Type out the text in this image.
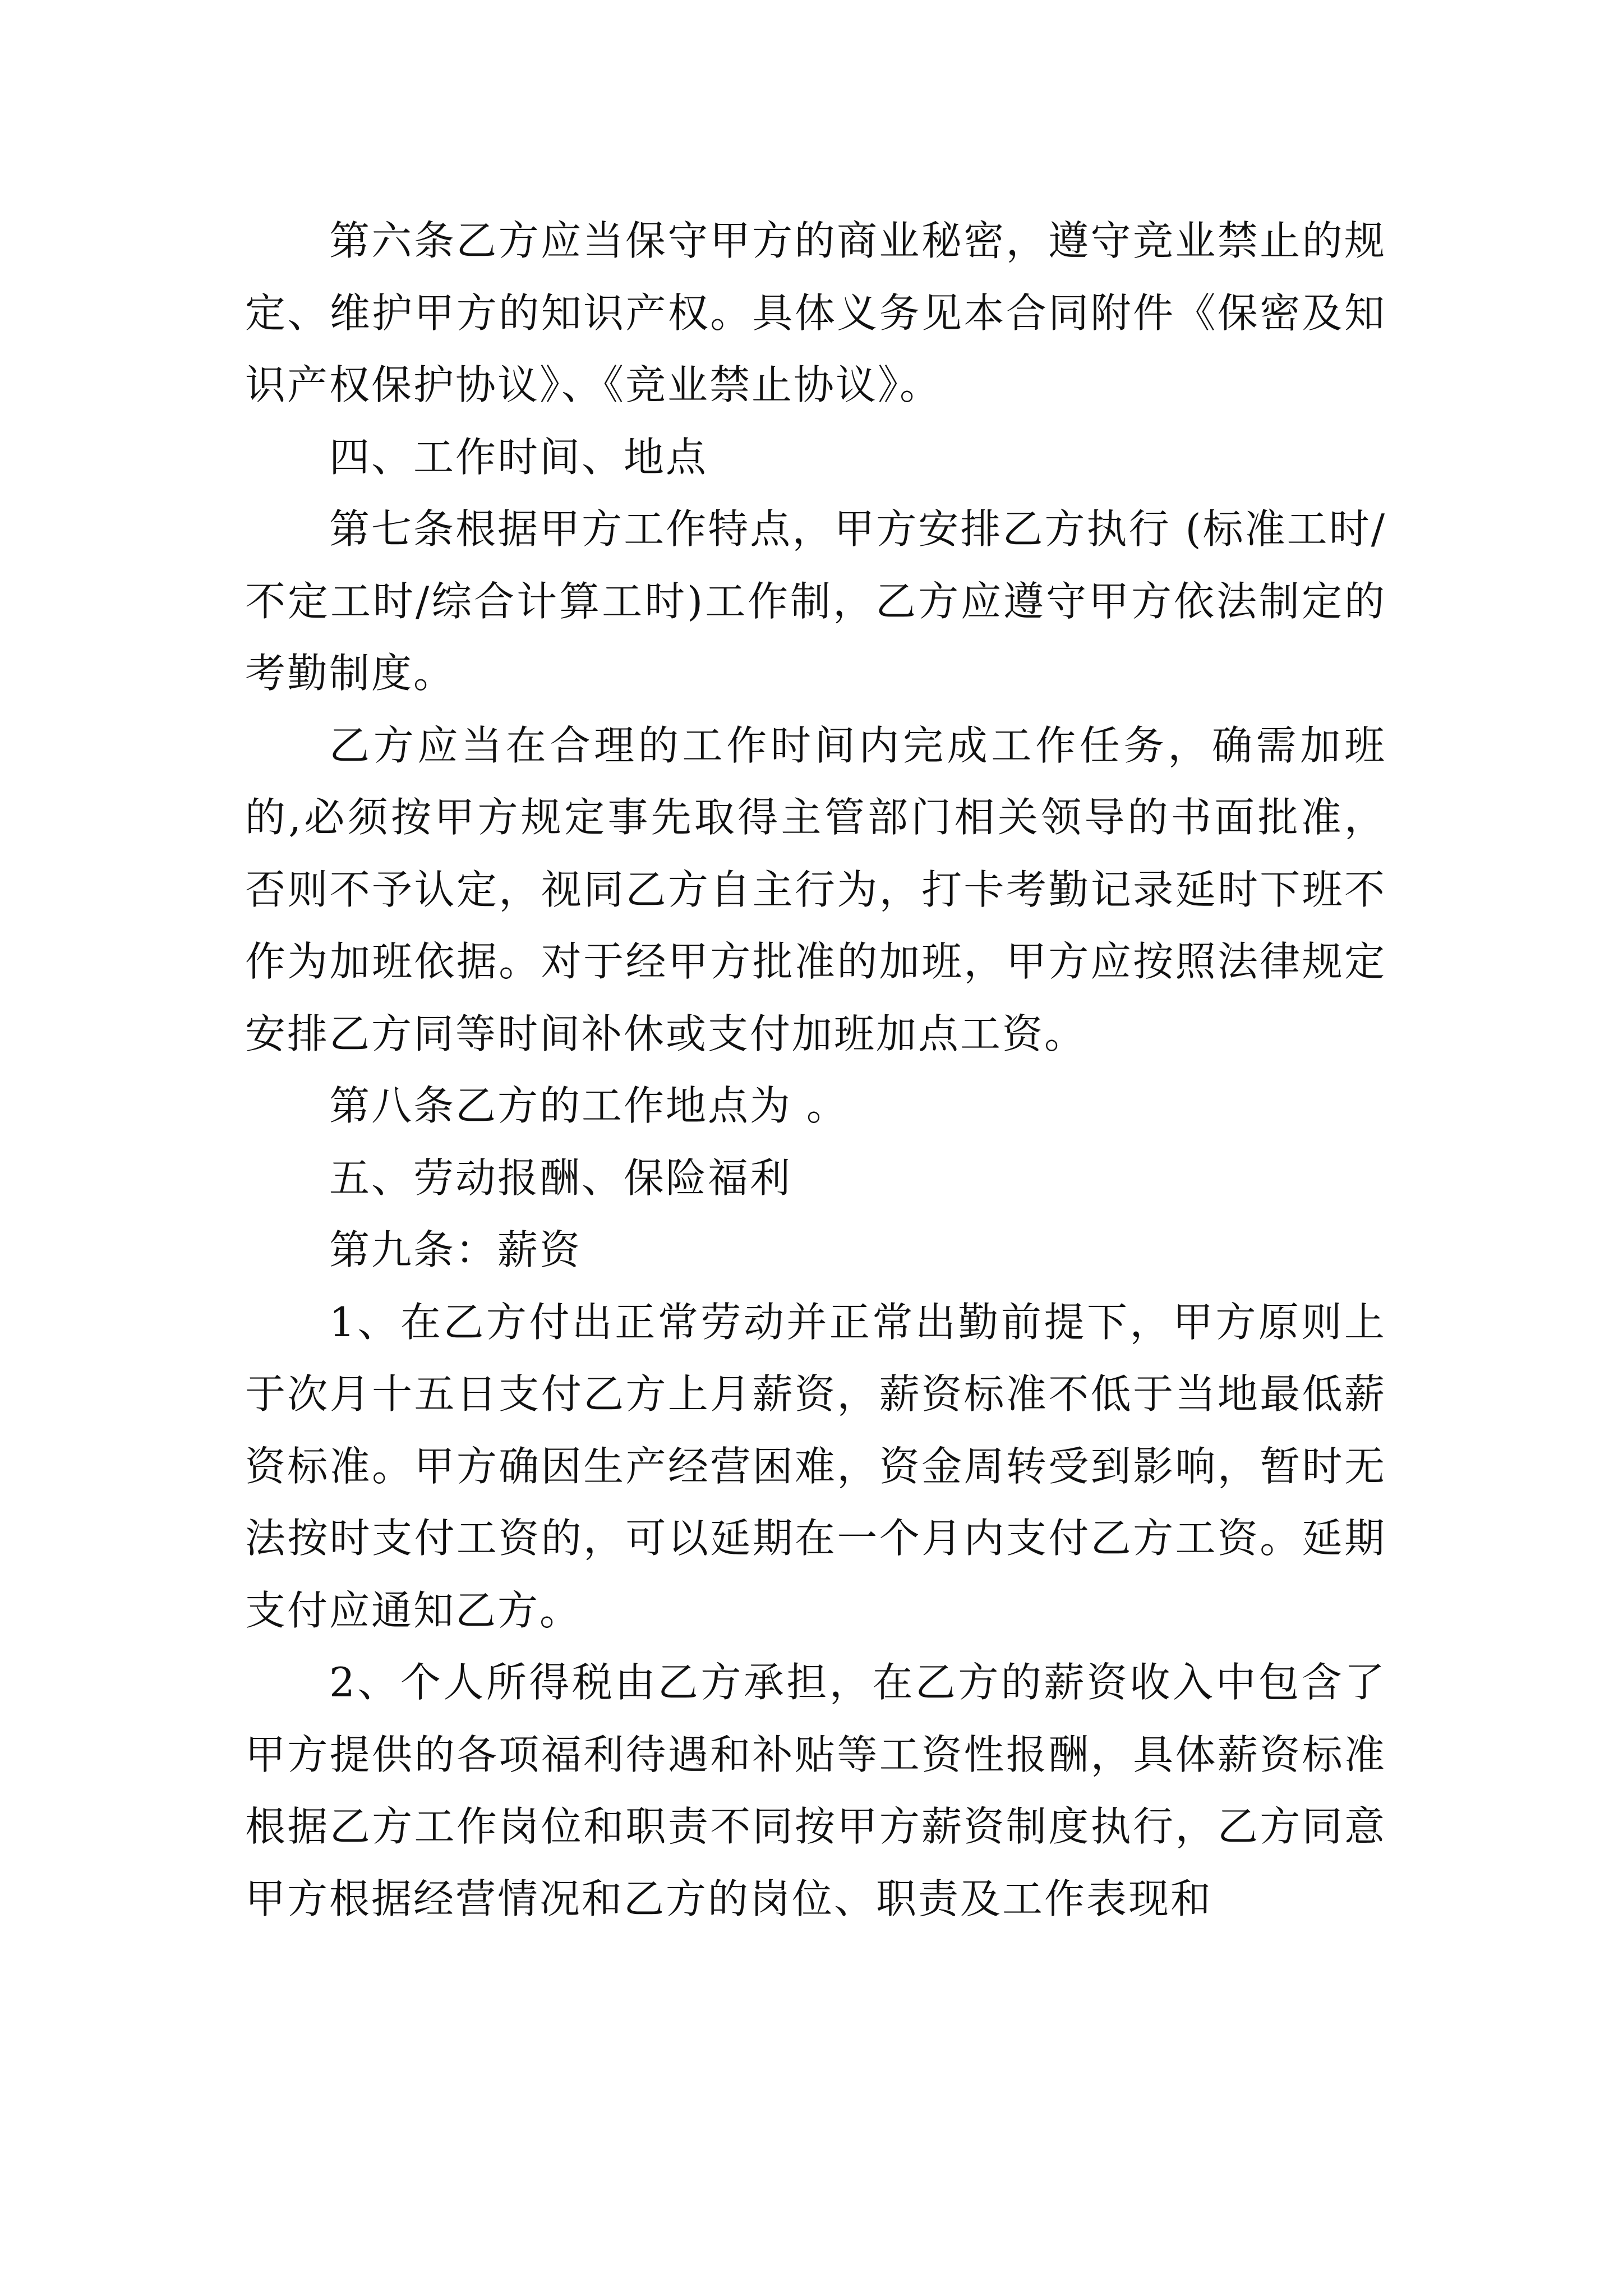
第六条乙方应当保守甲方的商业秘密，遵守竞业禁止的规定、维护甲方的知识产权。具体义务见本合同附件《保密及知识产权保护协议》、《竞业禁止协议》。

四、工作时间、地点

第七条根据甲方工作特点，甲方安排乙方执行 (标准工时/不定工时/综合计算工时)工作制，乙方应遵守甲方依法制定的考勤制度。

乙方应当在合理的工作时间内完成工作任务，确需加班的,必须按甲方规定事先取得主管部门相关领导的书面批准，否则不予认定，视同乙方自主行为，打卡考勤记录延时下班不作为加班依据。对于经甲方批准的加班，甲方应按照法律规定安排乙方同等时间补休或支付加班加点工资。

第八条乙方的工作地点为 。

五、劳动报酬、保险福利

第九条：薪资

1、在乙方付出正常劳动并正常出勤前提下，甲方原则上于次月十五日支付乙方上月薪资，薪资标准不低于当地最低薪资标准。甲方确因生产经营困难，资金周转受到影响，暂时无法按时支付工资的，可以延期在一个月内支付乙方工资。延期支付应通知乙方。

2、个人所得税由乙方承担，在乙方的薪资收入中包含了甲方提供的各项福利待遇和补贴等工资性报酬，具体薪资标准根据乙方工作岗位和职责不同按甲方薪资制度执行，乙方同意甲方根据经营情况和乙方的岗位、职责及工作表现和
